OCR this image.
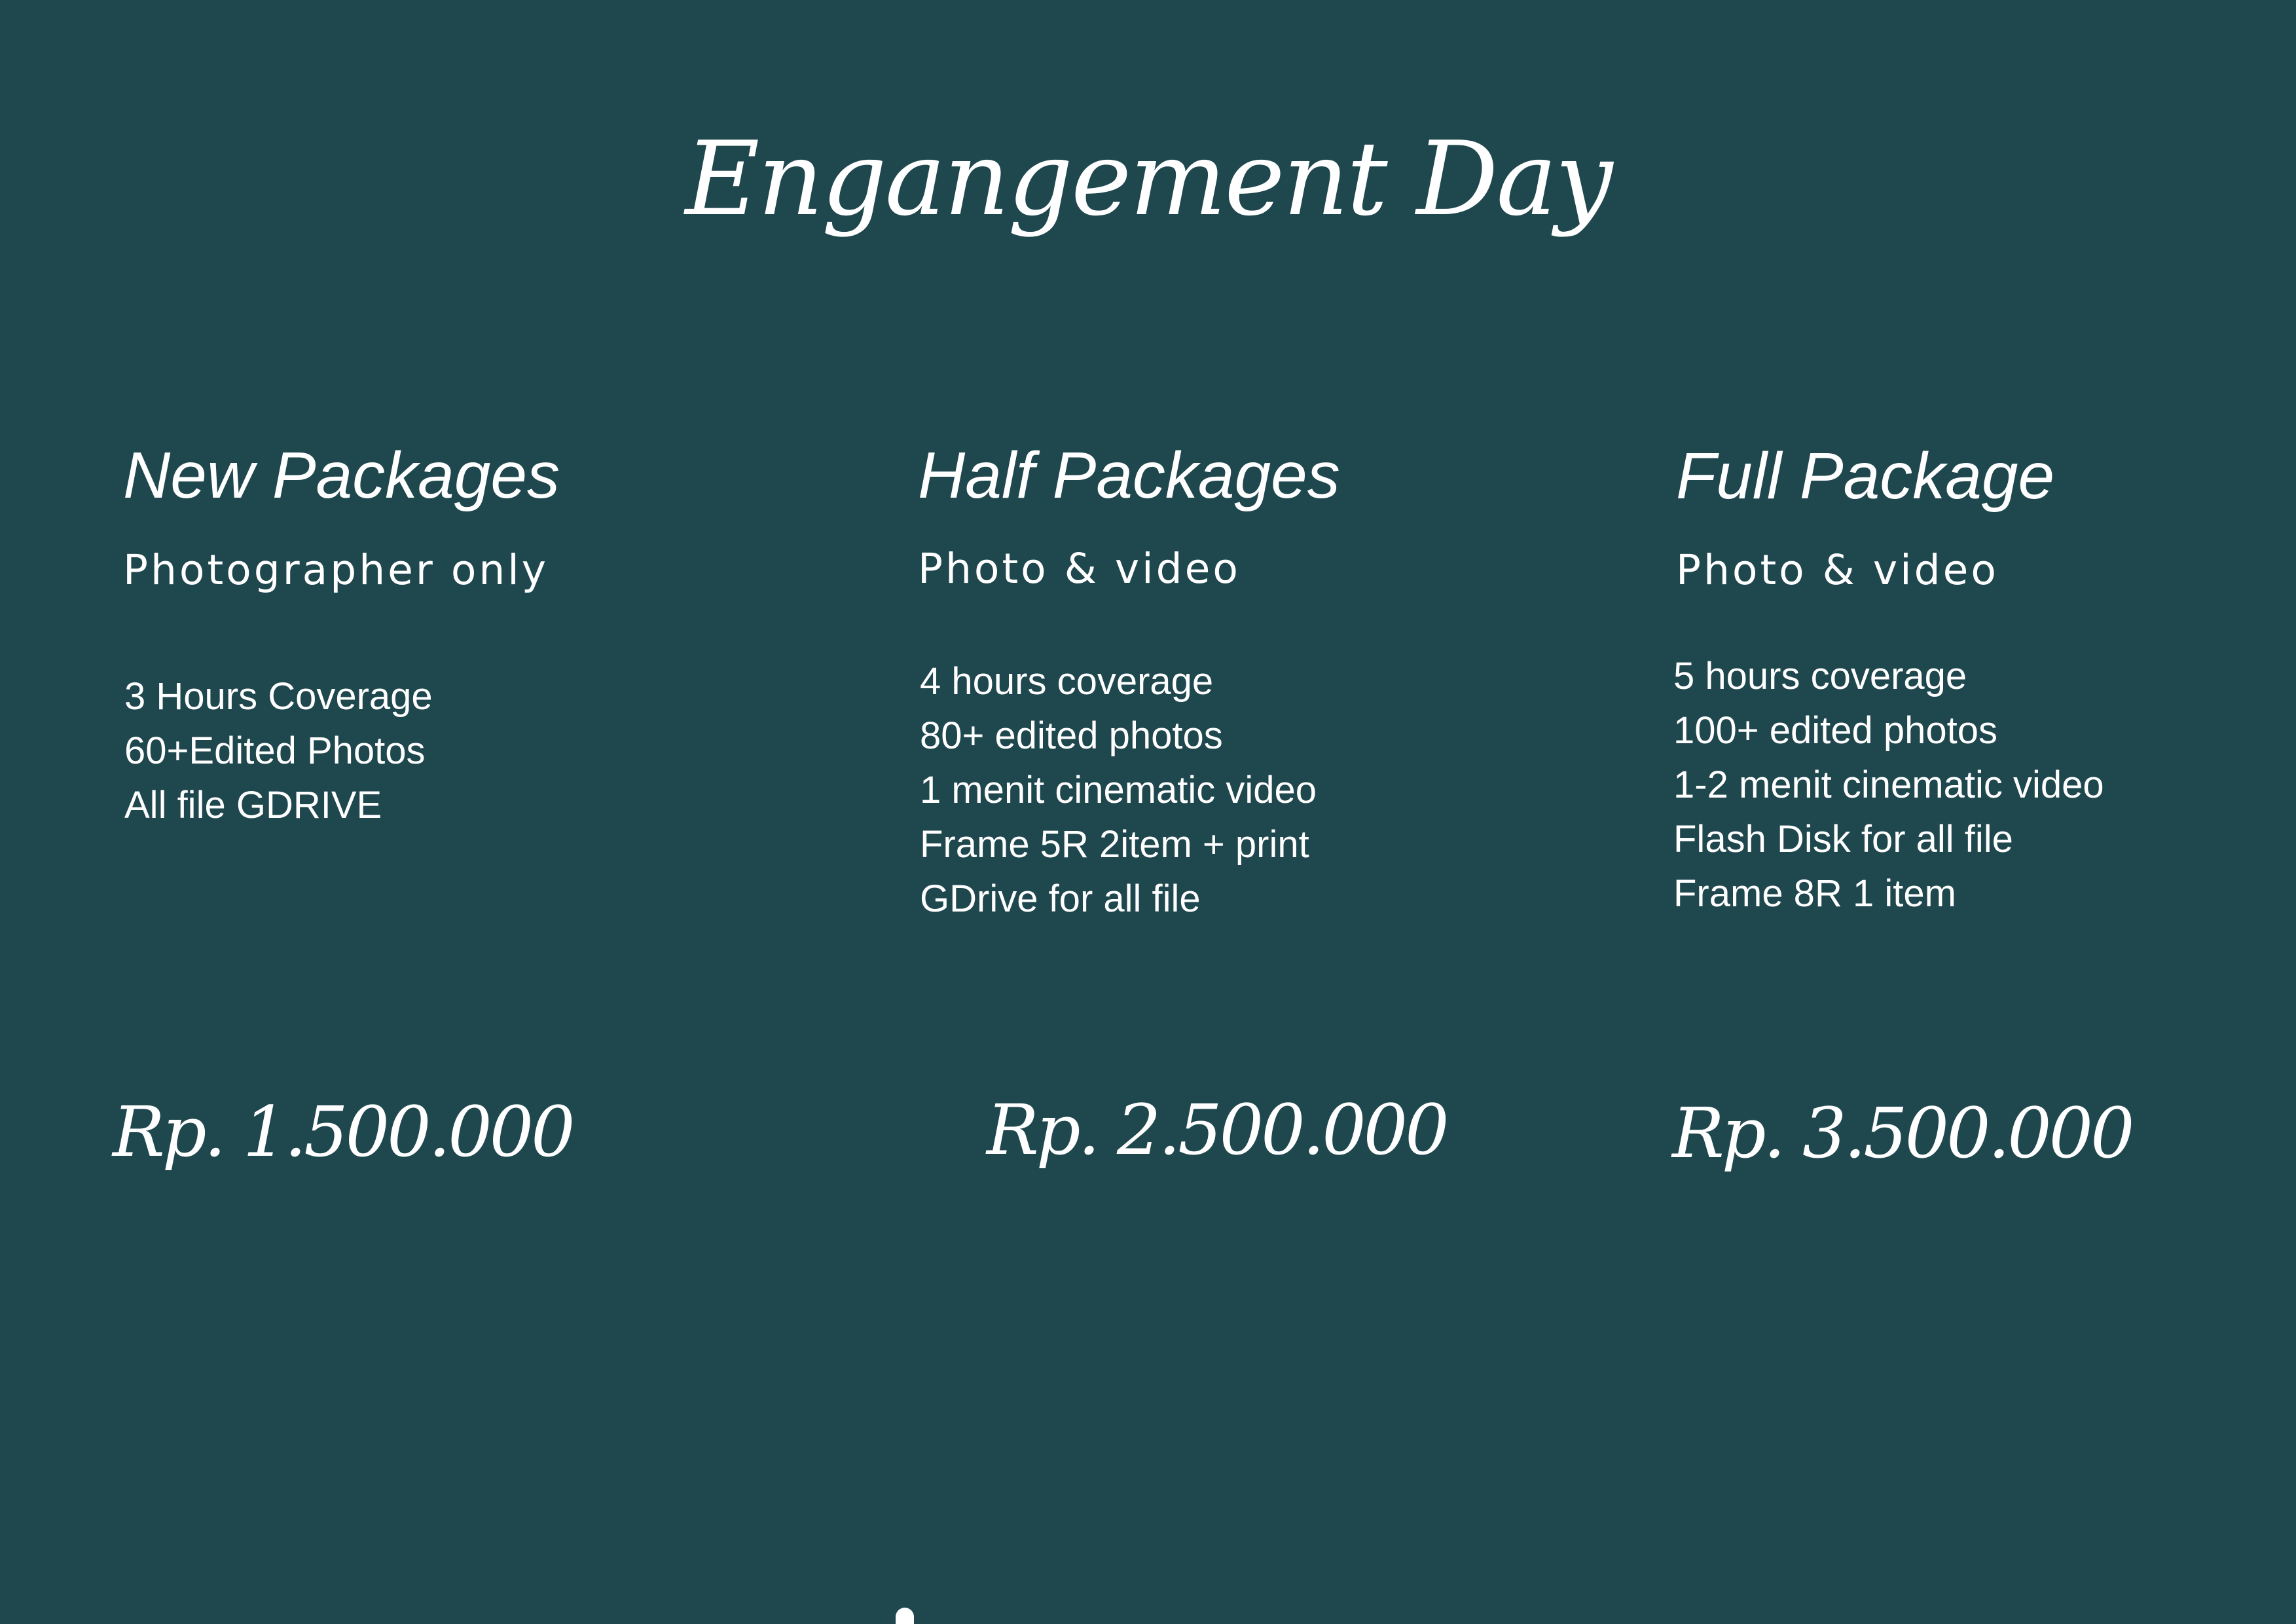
Engangement Day
New Packages

Photographer only

3 Hours Coverage
60+Edited Photos
All file GDRIVE
Rp. 1.500.000
Half Packages

Photo & video

4 hours coverage
80+ edited photos
1 menit cinematic video
Frame 5R 2item + print
GDrive for all file
Rp. 2.500.000
Full Package

Photo & video

5 hours coverage
100+ edited photos
1-2 menit cinematic video
Flash Disk for all file
Frame 8R 1 item
Rp. 3.500.000
